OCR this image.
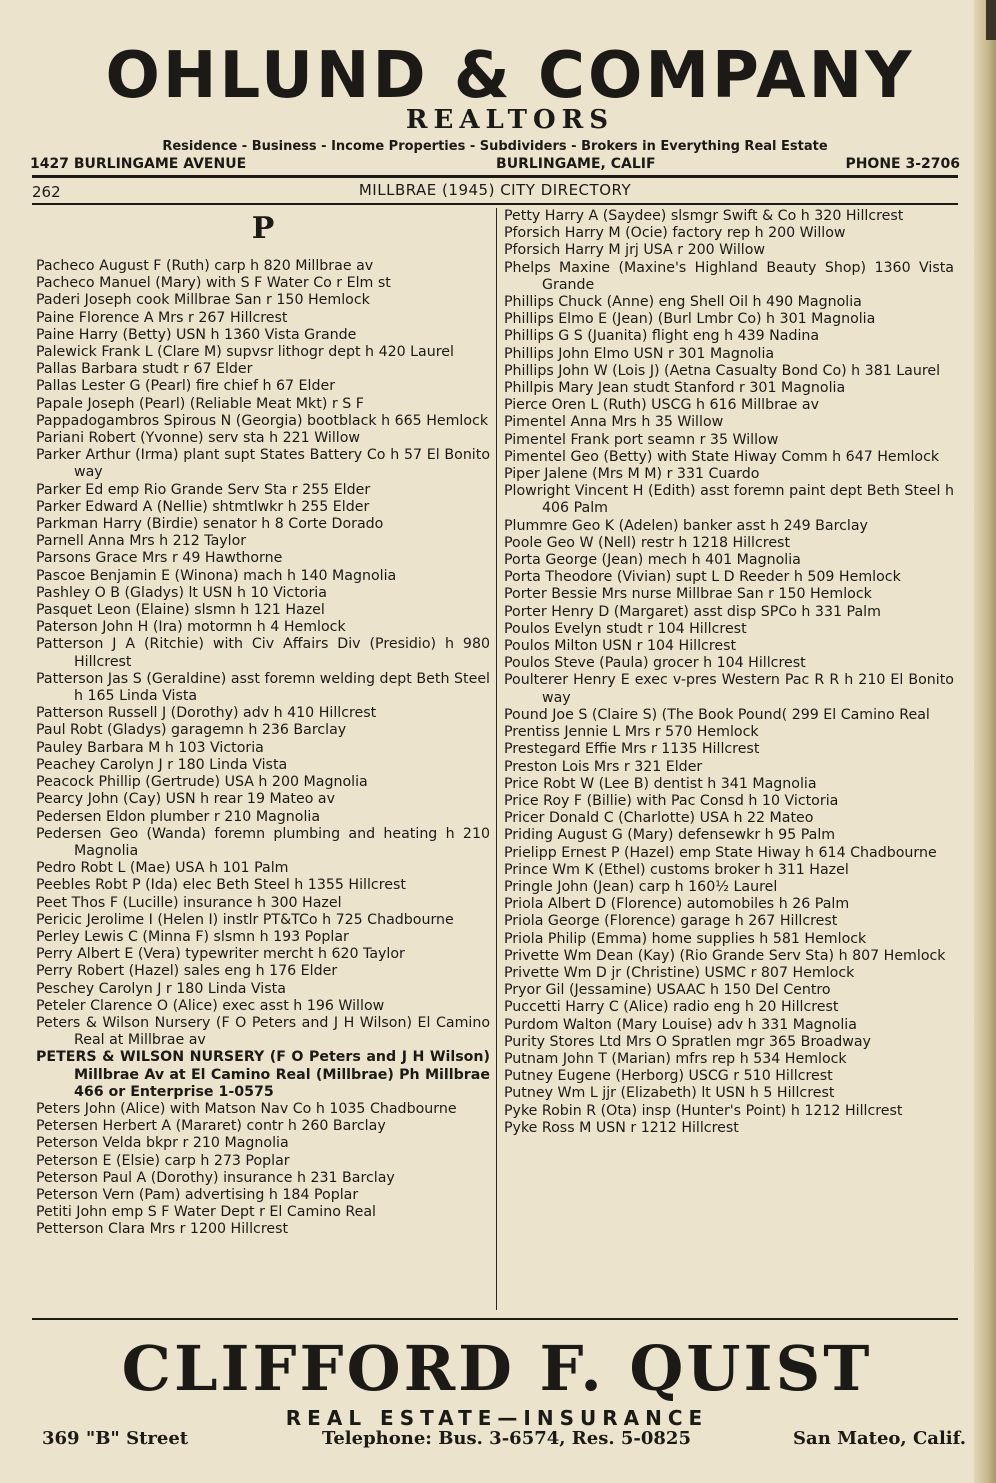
OHLUND & COMPANY
REALTORS
Residence - Business - Income Properties - Subdividers - Brokers in Everything Real Estate
1427 BURLINGAME AVENUE	BURLINGAME, CALIF	PHONE 3-2706
MILLBRAE (1945) CITY DIRECTORY
262
P
Pacheco August F (Ruth) carp h 820 Millbrae av
Pacheco Manuel (Mary) with S F Water Co r Elm st
Paderi Joseph cook Millbrae San r 150 Hemlock
Paine Florence A Mrs r 267 Hillcrest
Paine Harry (Betty) USN h 1360 Vista Grande
Palewick Frank L (Clare M) supvsr lithogr dept h 420 Laurel
Pallas Barbara studt r 67 Elder
Pallas Lester G (Pearl) fire chief h 67 Elder
Papale Joseph (Pearl) (Reliable Meat Mkt) r S F
Pappadogambros Spirous N (Georgia) bootblack h 665 Hemlock
Pariani Robert (Yvonne) serv sta h 221 Willow
Parker Arthur (Irma) plant supt States Battery Co h 57 El Bonito way
Parker Ed emp Rio Grande Serv Sta r 255 Elder
Parker Edward A (Nellie) shtmtlwkr h 255 Elder
Parkman Harry (Birdie) senator h 8 Corte Dorado
Parnell Anna Mrs h 212 Taylor
Parsons Grace Mrs r 49 Hawthorne
Pascoe Benjamin E (Winona) mach h 140 Magnolia
Pashley O B (Gladys) lt USN h 10 Victoria
Pasquet Leon (Elaine) slsmn h 121 Hazel
Paterson John H (Ira) motormn h 4 Hemlock
Patterson J A (Ritchie) with Civ Affairs Div (Presidio) h 980 Hillcrest
Patterson Jas S (Geraldine) asst foremn welding dept Beth Steel h 165 Linda Vista
Patterson Russell J (Dorothy) adv h 410 Hillcrest
Paul Robt (Gladys) garagemn h 236 Barclay
Pauley Barbara M h 103 Victoria
Peachey Carolyn J r 180 Linda Vista
Peacock Phillip (Gertrude) USA h 200 Magnolia
Pearcy John (Cay) USN h rear 19 Mateo av
Pedersen Eldon plumber r 210 Magnolia
Pedersen Geo (Wanda) foremn plumbing and heating h 210 Magnolia
Pedro Robt L (Mae) USA h 101 Palm
Peebles Robt P (Ida) elec Beth Steel h 1355 Hillcrest
Peet Thos F (Lucille) insurance h 300 Hazel
Pericic Jerolime I (Helen I) instlr PT&TCo h 725 Chadbourne
Perley Lewis C (Minna F) slsmn h 193 Poplar
Perry Albert E (Vera) typewriter mercht h 620 Taylor
Perry Robert (Hazel) sales eng h 176 Elder
Peschey Carolyn J r 180 Linda Vista
Peteler Clarence O (Alice) exec asst h 196 Willow
Peters & Wilson Nursery (F O Peters and J H Wilson) El Camino Real at Millbrae av
PETERS & WILSON NURSERY (F O Peters and J H Wilson) Millbrae Av at El Camino Real (Millbrae) Ph Millbrae 466 or Enterprise 1-0575
Peters John (Alice) with Matson Nav Co h 1035 Chadbourne
Petersen Herbert A (Mararet) contr h 260 Barclay
Peterson Velda bkpr r 210 Magnolia
Peterson E (Elsie) carp h 273 Poplar
Peterson Paul A (Dorothy) insurance h 231 Barclay
Peterson Vern (Pam) advertising h 184 Poplar
Petiti John emp S F Water Dept r El Camino Real
Petterson Clara Mrs r 1200 Hillcrest
Petty Harry A (Saydee) slsmgr Swift & Co h 320 Hillcrest
Pforsich Harry M (Ocie) factory rep h 200 Willow
Pforsich Harry M jrj USA r 200 Willow
Phelps Maxine (Maxine's Highland Beauty Shop) 1360 Vista Grande
Phillips Chuck (Anne) eng Shell Oil h 490 Magnolia
Phillips Elmo E (Jean) (Burl Lmbr Co) h 301 Magnolia
Phillips G S (Juanita) flight eng h 439 Nadina
Phillips John Elmo USN r 301 Magnolia
Phillips John W (Lois J) (Aetna Casualty Bond Co) h 381 Laurel
Phillpis Mary Jean studt Stanford r 301 Magnolia
Pierce Oren L (Ruth) USCG h 616 Millbrae av
Pimentel Anna Mrs h 35 Willow
Pimentel Frank port seamn r 35 Willow
Pimentel Geo (Betty) with State Hiway Comm h 647 Hemlock
Piper Jalene (Mrs M M) r 331 Cuardo
Plowright Vincent H (Edith) asst foremn paint dept Beth Steel h 406 Palm
Plummre Geo K (Adelen) banker asst h 249 Barclay
Poole Geo W (Nell) restr h 1218 Hillcrest
Porta George (Jean) mech h 401 Magnolia
Porta Theodore (Vivian) supt L D Reeder h 509 Hemlock
Porter Bessie Mrs nurse Millbrae San r 150 Hemlock
Porter Henry D (Margaret) asst disp SPCo h 331 Palm
Poulos Evelyn studt r 104 Hillcrest
Poulos Milton USN r 104 Hillcrest
Poulos Steve (Paula) grocer h 104 Hillcrest
Poulterer Henry E exec v-pres Western Pac R R h 210 El Bonito way
Pound Joe S (Claire S) (The Book Pound( 299 El Camino Real
Prentiss Jennie L Mrs r 570 Hemlock
Prestegard Effie Mrs r 1135 Hillcrest
Preston Lois Mrs r 321 Elder
Price Robt W (Lee B) dentist h 341 Magnolia
Price Roy F (Billie) with Pac Consd h 10 Victoria
Pricer Donald C (Charlotte) USA h 22 Mateo
Priding August G (Mary) defensewkr h 95 Palm
Prielipp Ernest P (Hazel) emp State Hiway h 614 Chadbourne
Prince Wm K (Ethel) customs broker h 311 Hazel
Pringle John (Jean) carp h 160½ Laurel
Priola Albert D (Florence) automobiles h 26 Palm
Priola George (Florence) garage h 267 Hillcrest
Priola Philip (Emma) home supplies h 581 Hemlock
Privette Wm Dean (Kay) (Rio Grande Serv Sta) h 807 Hemlock
Privette Wm D jr (Christine) USMC r 807 Hemlock
Pryor Gil (Jessamine) USAAC h 150 Del Centro
Puccetti Harry C (Alice) radio eng h 20 Hillcrest
Purdom Walton (Mary Louise) adv h 331 Magnolia
Purity Stores Ltd Mrs O Spratlen mgr 365 Broadway
Putnam John T (Marian) mfrs rep h 534 Hemlock
Putney Eugene (Herborg) USCG r 510 Hillcrest
Putney Wm L jjr (Elizabeth) lt USN h 5 Hillcrest
Pyke Robin R (Ota) insp (Hunter's Point) h 1212 Hillcrest
Pyke Ross M USN r 1212 Hillcrest
CLIFFORD F. QUIST
REAL ESTATE—INSURANCE
369 "B" Street	Telephone: Bus. 3-6574, Res. 5-0825	San Mateo, Calif.
